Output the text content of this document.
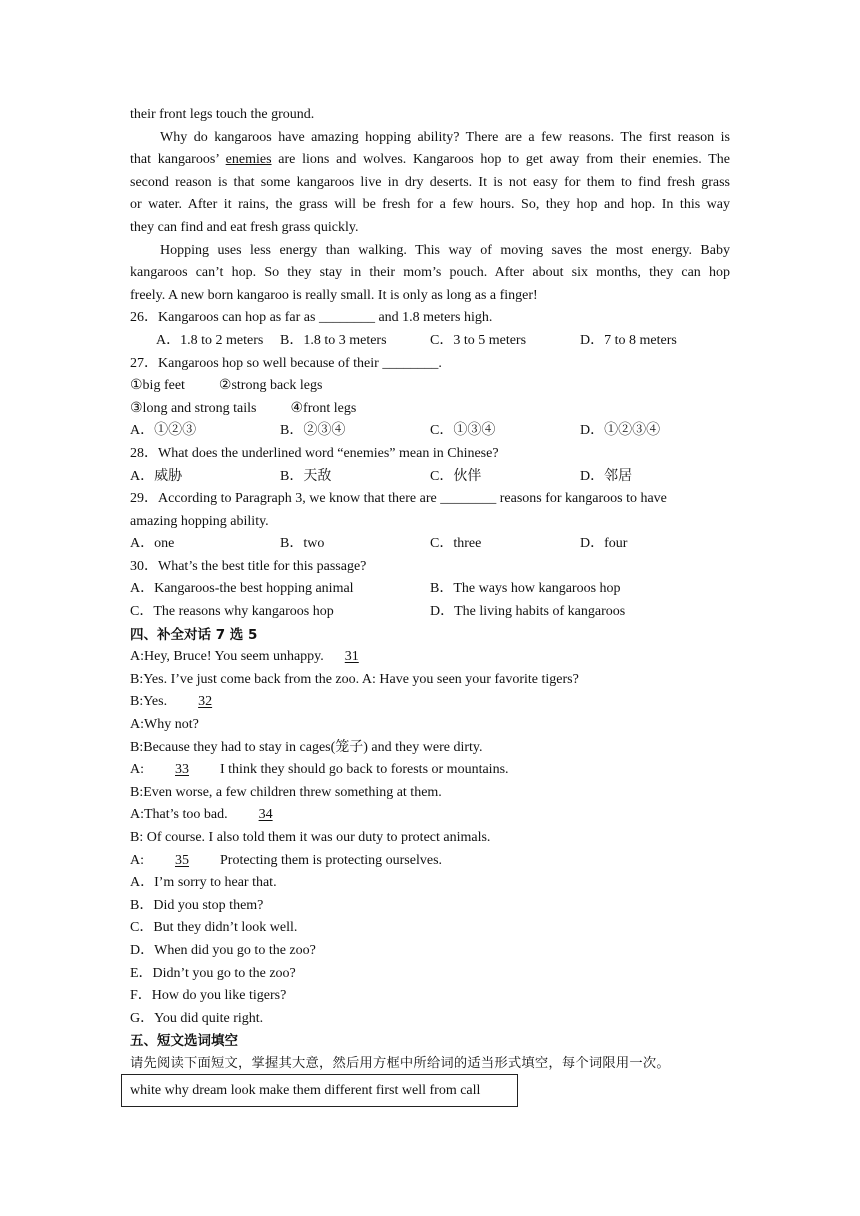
their front legs touch the ground.
Why do kangaroos have amazing hopping ability? There are a few reasons. The first reason is
that kangaroos’ enemies are lions and wolves. Kangaroos hop to get away from their enemies. The
second reason is that some kangaroos live in dry deserts. It is not easy for them to find fresh grass
or water. After it rains, the grass will be fresh for a few hours. So, they hop and hop. In this way
they can find and eat fresh grass quickly.
Hopping uses less energy than walking. This way of moving saves the most energy. Baby
kangaroos can’t hop. So they stay in their mom’s pouch. After about six months, they can hop
freely. A new born kangaroo is really small. It is only as long as a finger!
26．Kangaroos can hop as far as ________ and 1.8 meters high.
A．1.8 to 2 meters	B．1.8 to 3 meters	C．3 to 5 meters	D．7 to 8 meters
27．Kangaroos hop so well because of their ________.
①big feet ②strong back legs
③long and strong tails ④front legs
A．①②③	B．②③④	C．①③④	D．①②③④
28．What does the underlined word “enemies” mean in Chinese?
A．威胁	B．天敌	C．伙伴	D．邻居
29．According to Paragraph 3, we know that there are ________ reasons for kangaroos to have
amazing hopping ability.
A．one	B．two	C．three	D．four
30．What’s the best title for this passage?
A．Kangaroos-the best hopping animal	B．The ways how kangaroos hop
C．The reasons why kangaroos hop	D．The living habits of kangaroos
四、补全对话 7 选 5
A:Hey, Bruce! You seem unhappy. 31
B:Yes. I’ve just come back from the zoo. A: Have you seen your favorite tigers?
B:Yes. 32
A:Why not?
B:Because they had to stay in cages(笼子) and they were dirty.
A: 33 I think they should go back to forests or mountains.
B:Even worse, a few children threw something at them.
A:That’s too bad. 34
B: Of course. I also told them it was our duty to protect animals.
A: 35 Protecting them is protecting ourselves.
A．I’m sorry to hear that.
B．Did you stop them?
C．But they didn’t look well.
D．When did you go to the zoo?
E．Didn’t you go to the zoo?
F．How do you like tigers?
G．You did quite right.
五、短文选词填空
请先阅读下面短文，掌握其大意，然后用方框中所给词的适当形式填空，每个词限用一次。
white why dream look make them different first well from call
